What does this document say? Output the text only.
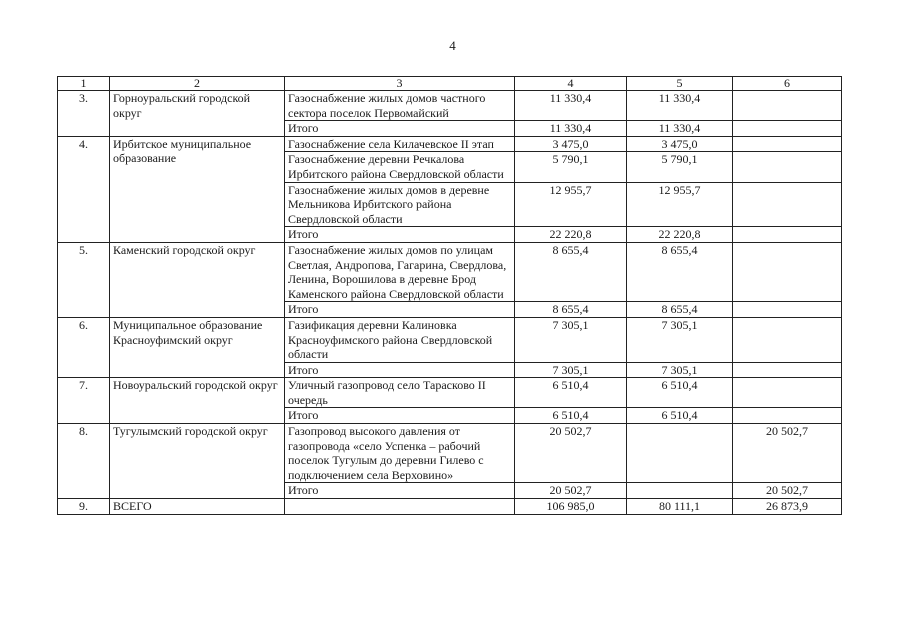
4
1	2	3	4	5	6
3.	Горноуральский городской округ	Газоснабжение жилых домов частного сектора поселок Первомайский	11 330,4	11 330,4	
		Итого	11 330,4	11 330,4	
4.	Ирбитское муниципальное образование	Газоснабжение села Килачевское II этап	3 475,0	3 475,0	
		Газоснабжение деревни Речкалова Ирбитского района Свердловской области	5 790,1	5 790,1	
		Газоснабжение жилых домов в деревне Мельникова Ирбитского района Свердловской области	12 955,7	12 955,7	
		Итого	22 220,8	22 220,8	
5.	Каменский городской округ	Газоснабжение жилых домов по улицам Светлая, Андропова, Гагарина, Свердлова, Ленина, Ворошилова в деревне Брод Каменского района Свердловской области	8 655,4	8 655,4	
		Итого	8 655,4	8 655,4	
6.	Муниципальное образование Красноуфимский округ	Газификация деревни Калиновка Красноуфимского района Свердловской области	7 305,1	7 305,1	
		Итого	7 305,1	7 305,1	
7.	Новоуральский городской округ	Уличный газопровод село Тарасково II очередь	6 510,4	6 510,4	
		Итого	6 510,4	6 510,4	
8.	Тугулымский городской округ	Газопровод высокого давления от газопровода «село Успенка – рабочий поселок Тугулым до деревни Гилево с подключением села Верховино»	20 502,7		20 502,7
		Итого	20 502,7		20 502,7
9.	ВСЕГО		106 985,0	80 111,1	26 873,9
